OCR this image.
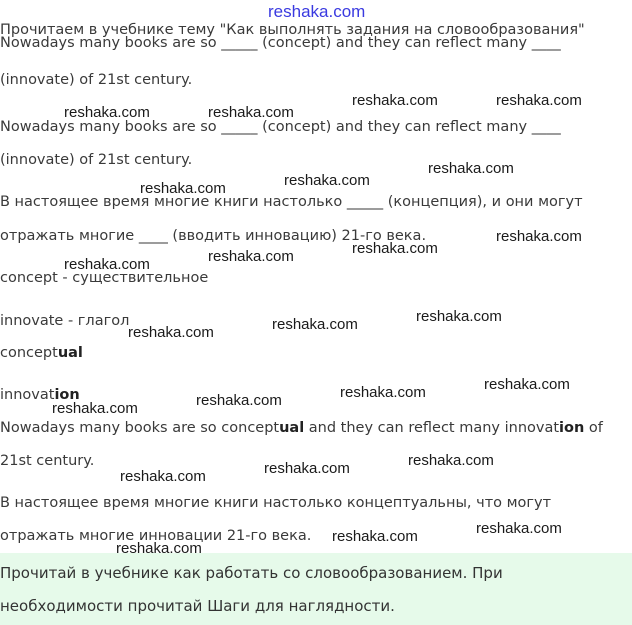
reshaka.com

Прочитаем в учебнике тему "Как выполнять задания на словообразования"

Nowadays many books are so _____ (concept) and they can reflect many ____

(innovate) of 21st century.

Nowadays many books are so _____ (concept) and they can reflect many ____

(innovate) of 21st century.

В настоящее время многие книги настолько _____ (концепция), и они могут

отражать многие ____ (вводить инновацию) 21-го века.

concept - существительное

innovate - глагол

conceptual

innovation

Nowadays many books are so conceptual and they can reflect many innovation of

21st century.

В настоящее время многие книги настолько концептуальны, что могут

отражать многие инновации 21-го века.

Прочитай в учебнике как работать со словообразованием. При

необходимости прочитай Шаги для наглядности.

reshaka.com	reshaka.com
reshaka.com	reshaka.com
reshaka.com
reshaka.com
reshaka.com
reshaka.com
reshaka.com
reshaka.com
reshaka.com
reshaka.com
reshaka.com
reshaka.com
reshaka.com
reshaka.com
reshaka.com
reshaka.com
reshaka.com
reshaka.com
reshaka.com
reshaka.com
reshaka.com
reshaka.com
